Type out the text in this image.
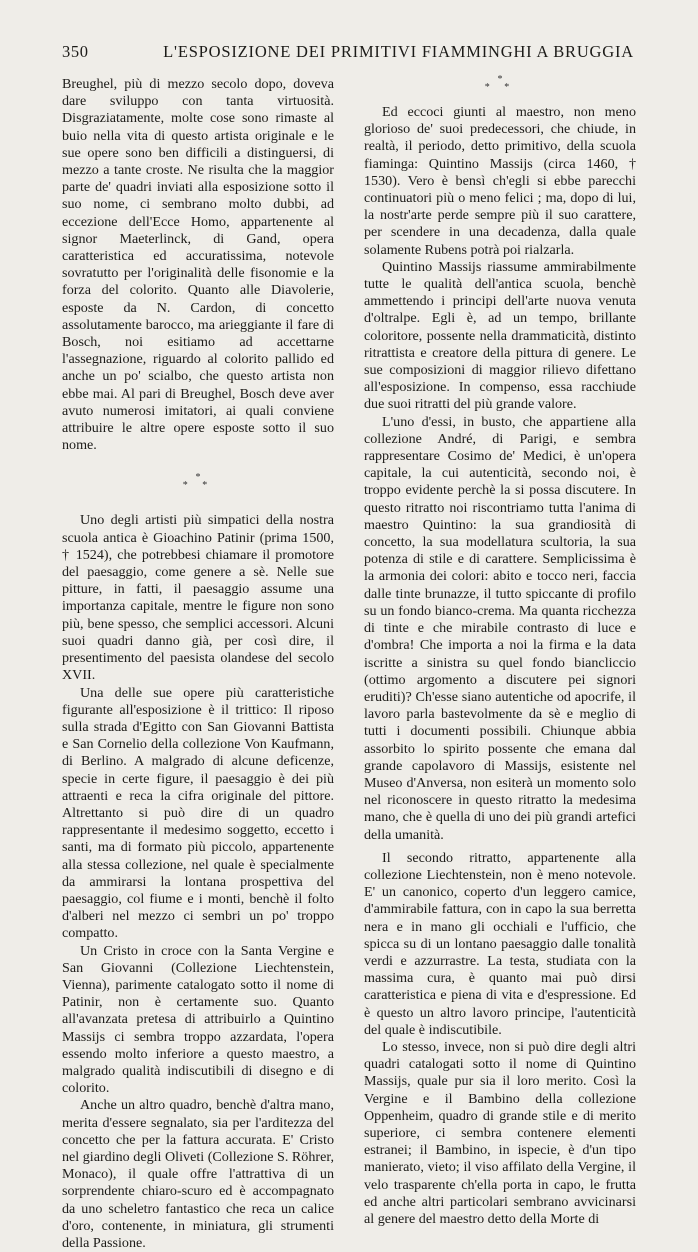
350	L'ESPOSIZIONE DEI PRIMITIVI FIAMMINGHI A BRUGGIA

Breughel, più di mezzo secolo dopo, doveva dare sviluppo con tanta virtuosità. Disgraziatamente, molte cose sono rimaste al buio nella vita di questo artista originale e le sue opere sono ben difficili a distinguersi, di mezzo a tante croste. Ne risulta che la maggior parte de' quadri inviati alla esposizione sotto il suo nome, ci sembrano molto dubbi, ad eccezione dell'Ecce Homo, appartenente al signor Maeterlinck, di Gand, opera caratteristica ed accuratissima, notevole sovratutto per l'originalità delle fisonomie e la forza del colorito. Quanto alle Diavolerie, esposte da N. Cardon, di concetto assolutamente barocco, ma arieggiante il fare di Bosch, noi esitiamo ad accettarne l'assegnazione, riguardo al colorito pallido ed anche un po' scialbo, che questo artista non ebbe mai. Al pari di Breughel, Bosch deve aver avuto numerosi imitatori, ai quali conviene attribuire le altre opere esposte sotto il suo nome.

*
* *

Uno degli artisti più simpatici della nostra scuola antica è Gioachino Patinir (prima 1500, † 1524), che potrebbesi chiamare il promotore del paesaggio, come genere a sè. Nelle sue pitture, in fatti, il paesaggio assume una importanza capitale, mentre le figure non sono più, bene spesso, che semplici accessori. Alcuni suoi quadri danno già, per così dire, il presentimento del paesista olandese del secolo XVII.

Una delle sue opere più caratteristiche figurante all'esposizione è il trittico: Il riposo sulla strada d'Egitto con San Giovanni Battista e San Cornelio della collezione Von Kaufmann, di Berlino. A malgrado di alcune deficenze, specie in certe figure, il paesaggio è dei più attraenti e reca la cifra originale del pittore. Altrettanto si può dire di un quadro rappresentante il medesimo soggetto, eccetto i santi, ma di formato più piccolo, appartenente alla stessa collezione, nel quale è specialmente da ammirarsi la lontana prospettiva del paesaggio, col fiume e i monti, benchè il folto d'alberi nel mezzo ci sembri un po' troppo compatto.

Un Cristo in croce con la Santa Vergine e San Giovanni (Collezione Liechtenstein, Vienna), parimente catalogato sotto il nome di Patinir, non è certamente suo. Quanto all'avanzata pretesa di attribuirlo a Quintino Massijs ci sembra troppo azzardata, l'opera essendo molto inferiore a questo maestro, a malgrado qualità indiscutibili di disegno e di colorito.

Anche un altro quadro, benchè d'altra mano, merita d'essere segnalato, sia per l'arditezza del concetto che per la fattura accurata. E' Cristo nel giardino degli Oliveti (Collezione S. Röhrer, Monaco), il quale offre l'attrattiva di un sorprendente chiaro-scuro ed è accompagnato da uno scheletro fantastico che reca un calice d'oro, contenente, in miniatura, gli strumenti della Passione.

*
* *

Ed eccoci giunti al maestro, non meno glorioso de' suoi predecessori, che chiude, in realtà, il periodo, detto primitivo, della scuola fiaminga: Quintino Massijs (circa 1460, † 1530). Vero è bensì ch'egli si ebbe parecchi continuatori più o meno felici ; ma, dopo di lui, la nostr'arte perde sempre più il suo carattere, per scendere in una decadenza, dalla quale solamente Rubens potrà poi rialzarla.

Quintino Massijs riassume ammirabilmente tutte le qualità dell'antica scuola, benchè ammettendo i principi dell'arte nuova venuta d'oltralpe. Egli è, ad un tempo, brillante coloritore, possente nella drammaticità, distinto ritrattista e creatore della pittura di genere. Le sue composizioni di maggior rilievo difettano all'esposizione. In compenso, essa racchiude due suoi ritratti del più grande valore.

L'uno d'essi, in busto, che appartiene alla collezione André, di Parigi, e sembra rappresentare Cosimo de' Medici, è un'opera capitale, la cui autenticità, secondo noi, è troppo evidente perchè la si possa discutere. In questo ritratto noi riscontriamo tutta l'anima di maestro Quintino: la sua grandiosità di concetto, la sua modellatura scultoria, la sua potenza di stile e di carattere. Semplicissima è la armonia dei colori: abito e tocco neri, faccia dalle tinte brunazze, il tutto spiccante di profilo su un fondo bianco-crema. Ma quanta ricchezza di tinte e che mirabile contrasto di luce e d'ombra! Che importa a noi la firma e la data iscritte a sinistra su quel fondo biancliccio (ottimo argomento a discutere pei signori eruditi)? Ch'esse siano autentiche od apocrife, il lavoro parla bastevolmente da sè e meglio di tutti i documenti possibili. Chiunque abbia assorbito lo spirito possente che emana dal grande capolavoro di Massijs, esistente nel Museo d'Anversa, non esiterà un momento solo nel riconoscere in questo ritratto la medesima mano, che è quella di uno dei più grandi artefici della umanità.

Il secondo ritratto, appartenente alla collezione Liechtenstein, non è meno notevole. E' un canonico, coperto d'un leggero camice, d'ammirabile fattura, con in capo la sua berretta nera e in mano gli occhiali e l'ufficio, che spicca su di un lontano paesaggio dalle tonalità verdi e azzurrastre. La testa, studiata con la massima cura, è quanto mai può dirsi caratteristica e piena di vita e d'espressione. Ed è questo un altro lavoro principe, l'autenticità del quale è indiscutibile.

Lo stesso, invece, non si può dire degli altri quadri catalogati sotto il nome di Quintino Massijs, quale pur sia il loro merito. Così la Vergine e il Bambino della collezione Oppenheim, quadro di grande stile e di merito superiore, ci sembra contenere elementi estranei; il Bambino, in ispecie, è d'un tipo manierato, vieto; il viso affilato della Vergine, il velo trasparente ch'ella porta in capo, le frutta ed anche altri particolari sembrano avvicinarsi al genere del maestro detto della Morte di
